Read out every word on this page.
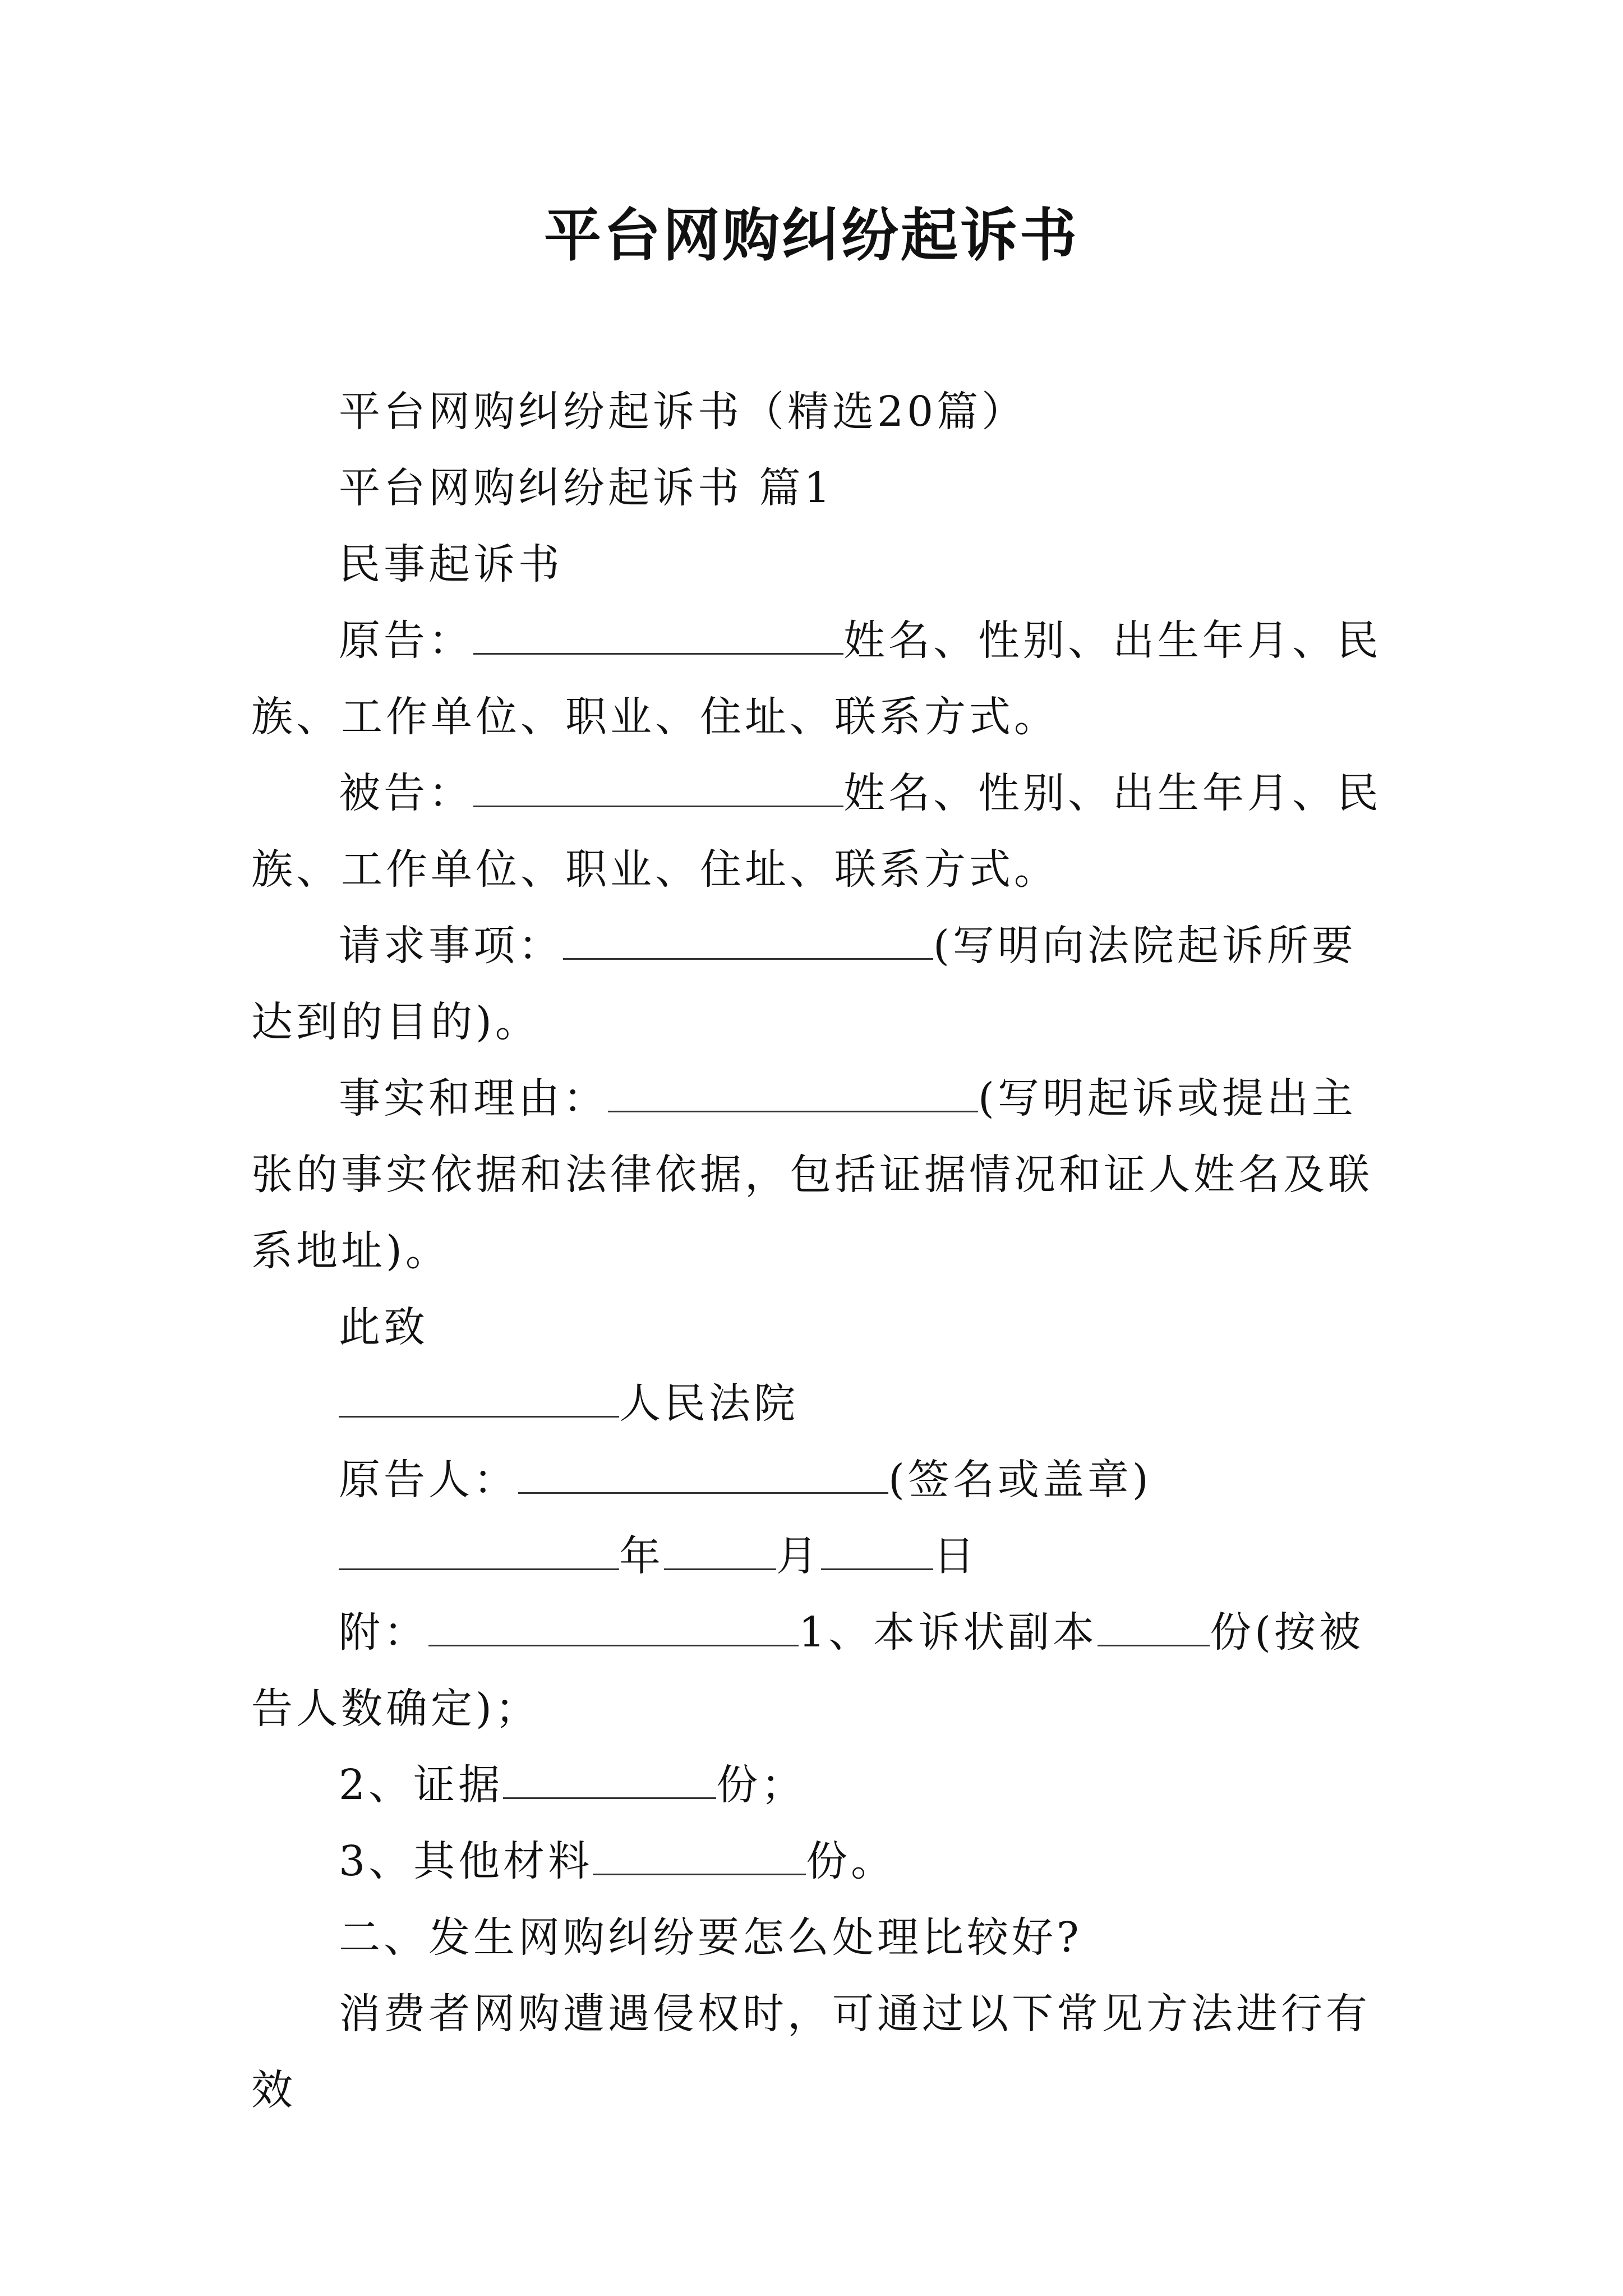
平台网购纠纷起诉书

平台网购纠纷起诉书（精选20篇）

平台网购纠纷起诉书 篇1

民事起诉书

原告：	姓名、性别、出生年月、民族、工作单位、职业、住址、联系方式。

被告：	姓名、性别、出生年月、民族、工作单位、职业、住址、联系方式。

请求事项：	(写明向法院起诉所要达到的目的)。

事实和理由：	(写明起诉或提出主张的事实依据和法律依据，包括证据情况和证人姓名及联系地址)。

此致

人民法院

原告人：	(签名或盖章)

年	月	日

附：	1、本诉状副本	份(按被告人数确定)；

2、证据	份；

3、其他材料	份。

二、发生网购纠纷要怎么处理比较好?

消费者网购遭遇侵权时，可通过以下常见方法进行有效
